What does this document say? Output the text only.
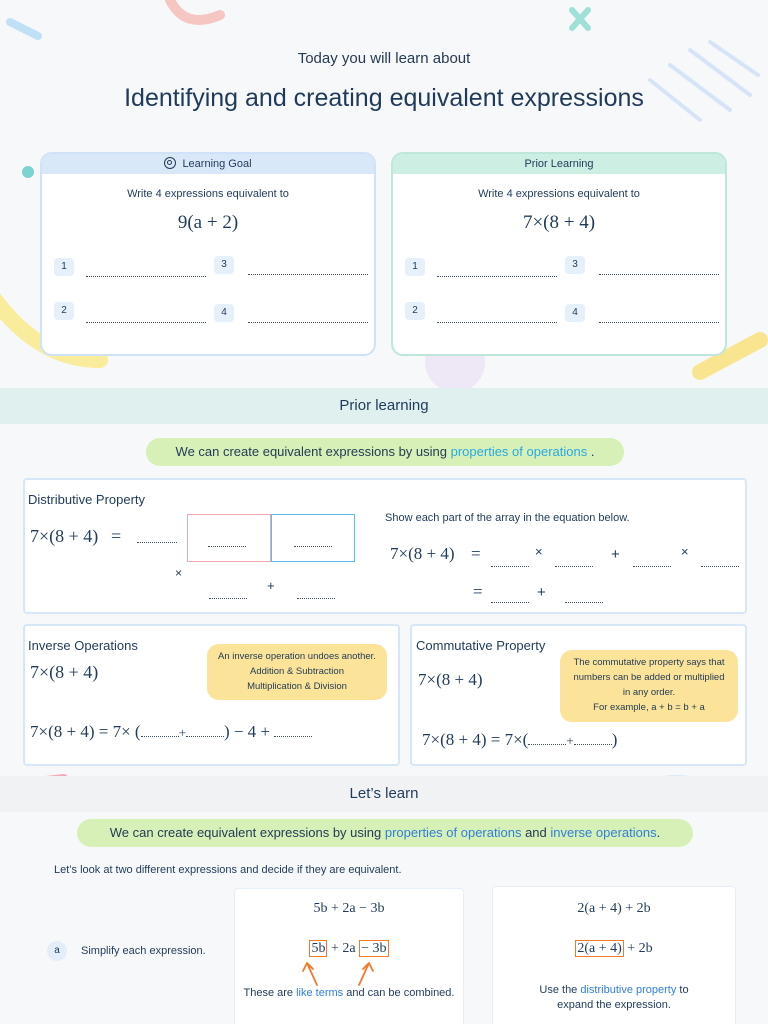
Today you will learn about
Identifying and creating equivalent expressions
Learning Goal
Write 4 expressions equivalent to
9(a + 2)
1	3
2	4
Prior Learning
Write 4 expressions equivalent to
7×(8 + 4)
1	3
2	4
Prior learning
We can create equivalent expressions by using properties of operations .
Distributive Property
7×(8 + 4) =
×
+
Show each part of the array in the equation below.
7×(8 + 4) =	×	+	×
=	+
Inverse Operations
7×(8 + 4)
An inverse operation undoes another.
Addition & Subtraction
Multiplication & Division
7×(8 + 4) = 7× (	+ ) − 4 +
Commutative Property
7×(8 + 4)
The commutative property says that
numbers can be added or multiplied
in any order.
For example, a + b = b + a
7×(8 + 4) = 7×(	+ )
Let’s learn
We can create equivalent expressions by using properties of operations and inverse operations.
Let’s look at two different expressions and decide if they are equivalent.
a	Simplify each expression.
5b + 2a − 3b
5b + 2a − 3b
These are like terms and can be combined.
2(a + 4) + 2b
2(a + 4) + 2b
Use the distributive property to
expand the expression.
